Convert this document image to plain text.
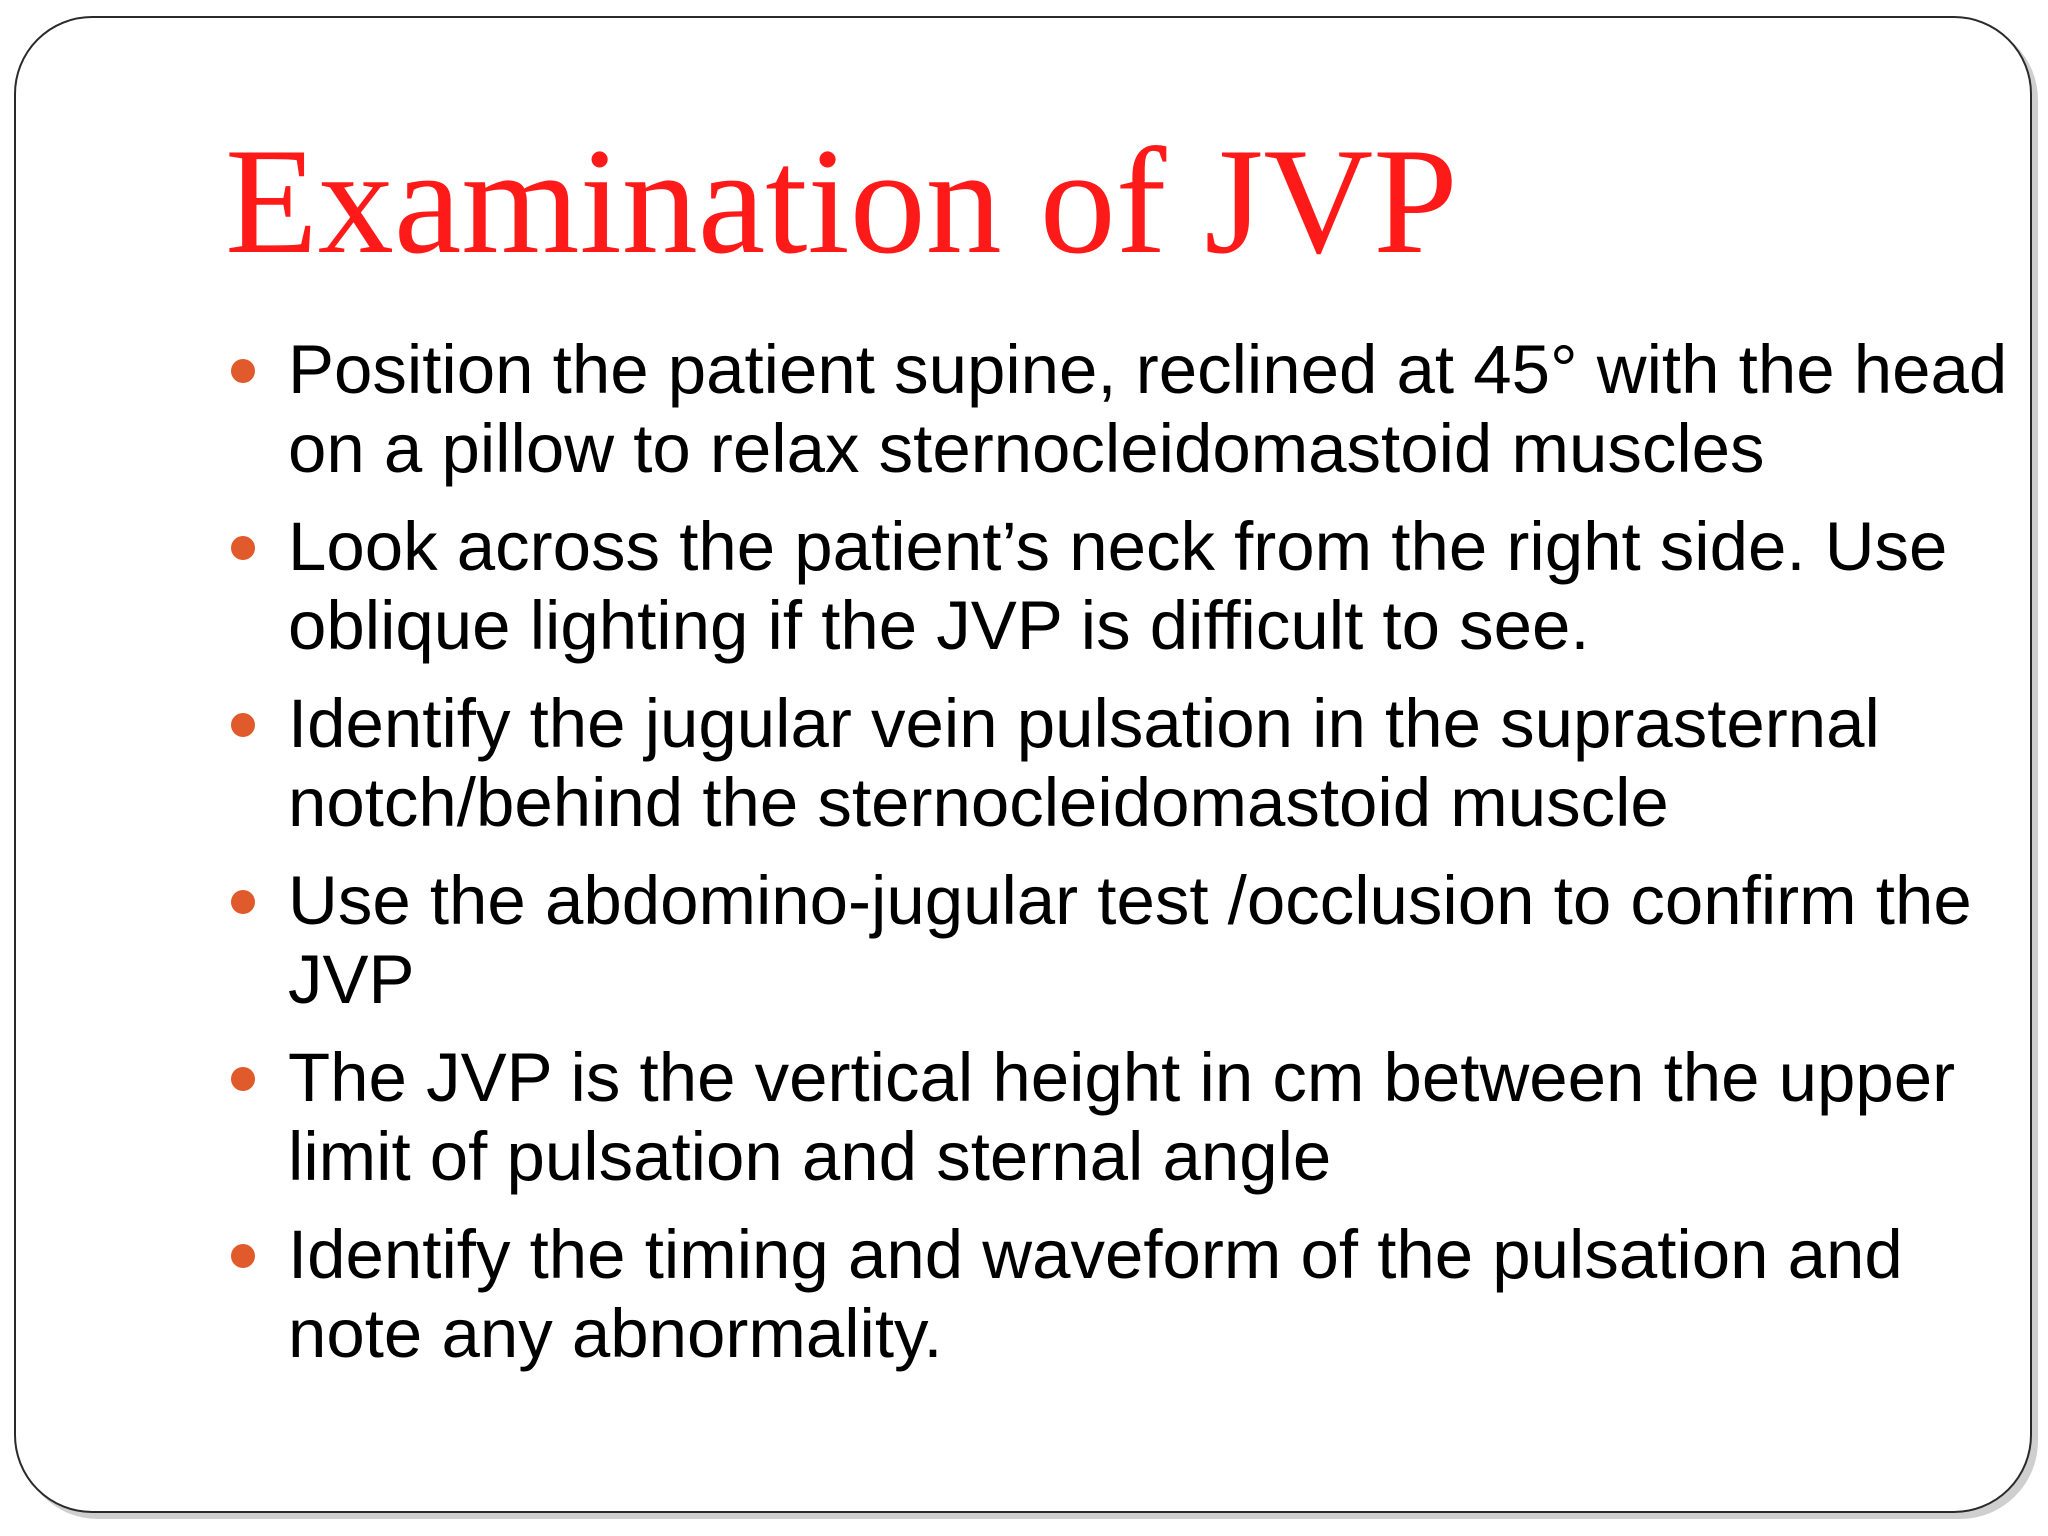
Examination of JVP
Position the patient supine, reclined at 45° with the head on a pillow to relax sternocleidomastoid muscles
Look across the patient’s neck from the right side. Use oblique lighting if the JVP is difficult to see.
Identify the jugular vein pulsation in the suprasternal notch/behind the sternocleidomastoid muscle
Use the abdomino-jugular test /occlusion to confirm the JVP
The JVP is the vertical height in cm between the upper limit of pulsation and sternal angle
Identify the timing and waveform of the pulsation and note any abnormality.
